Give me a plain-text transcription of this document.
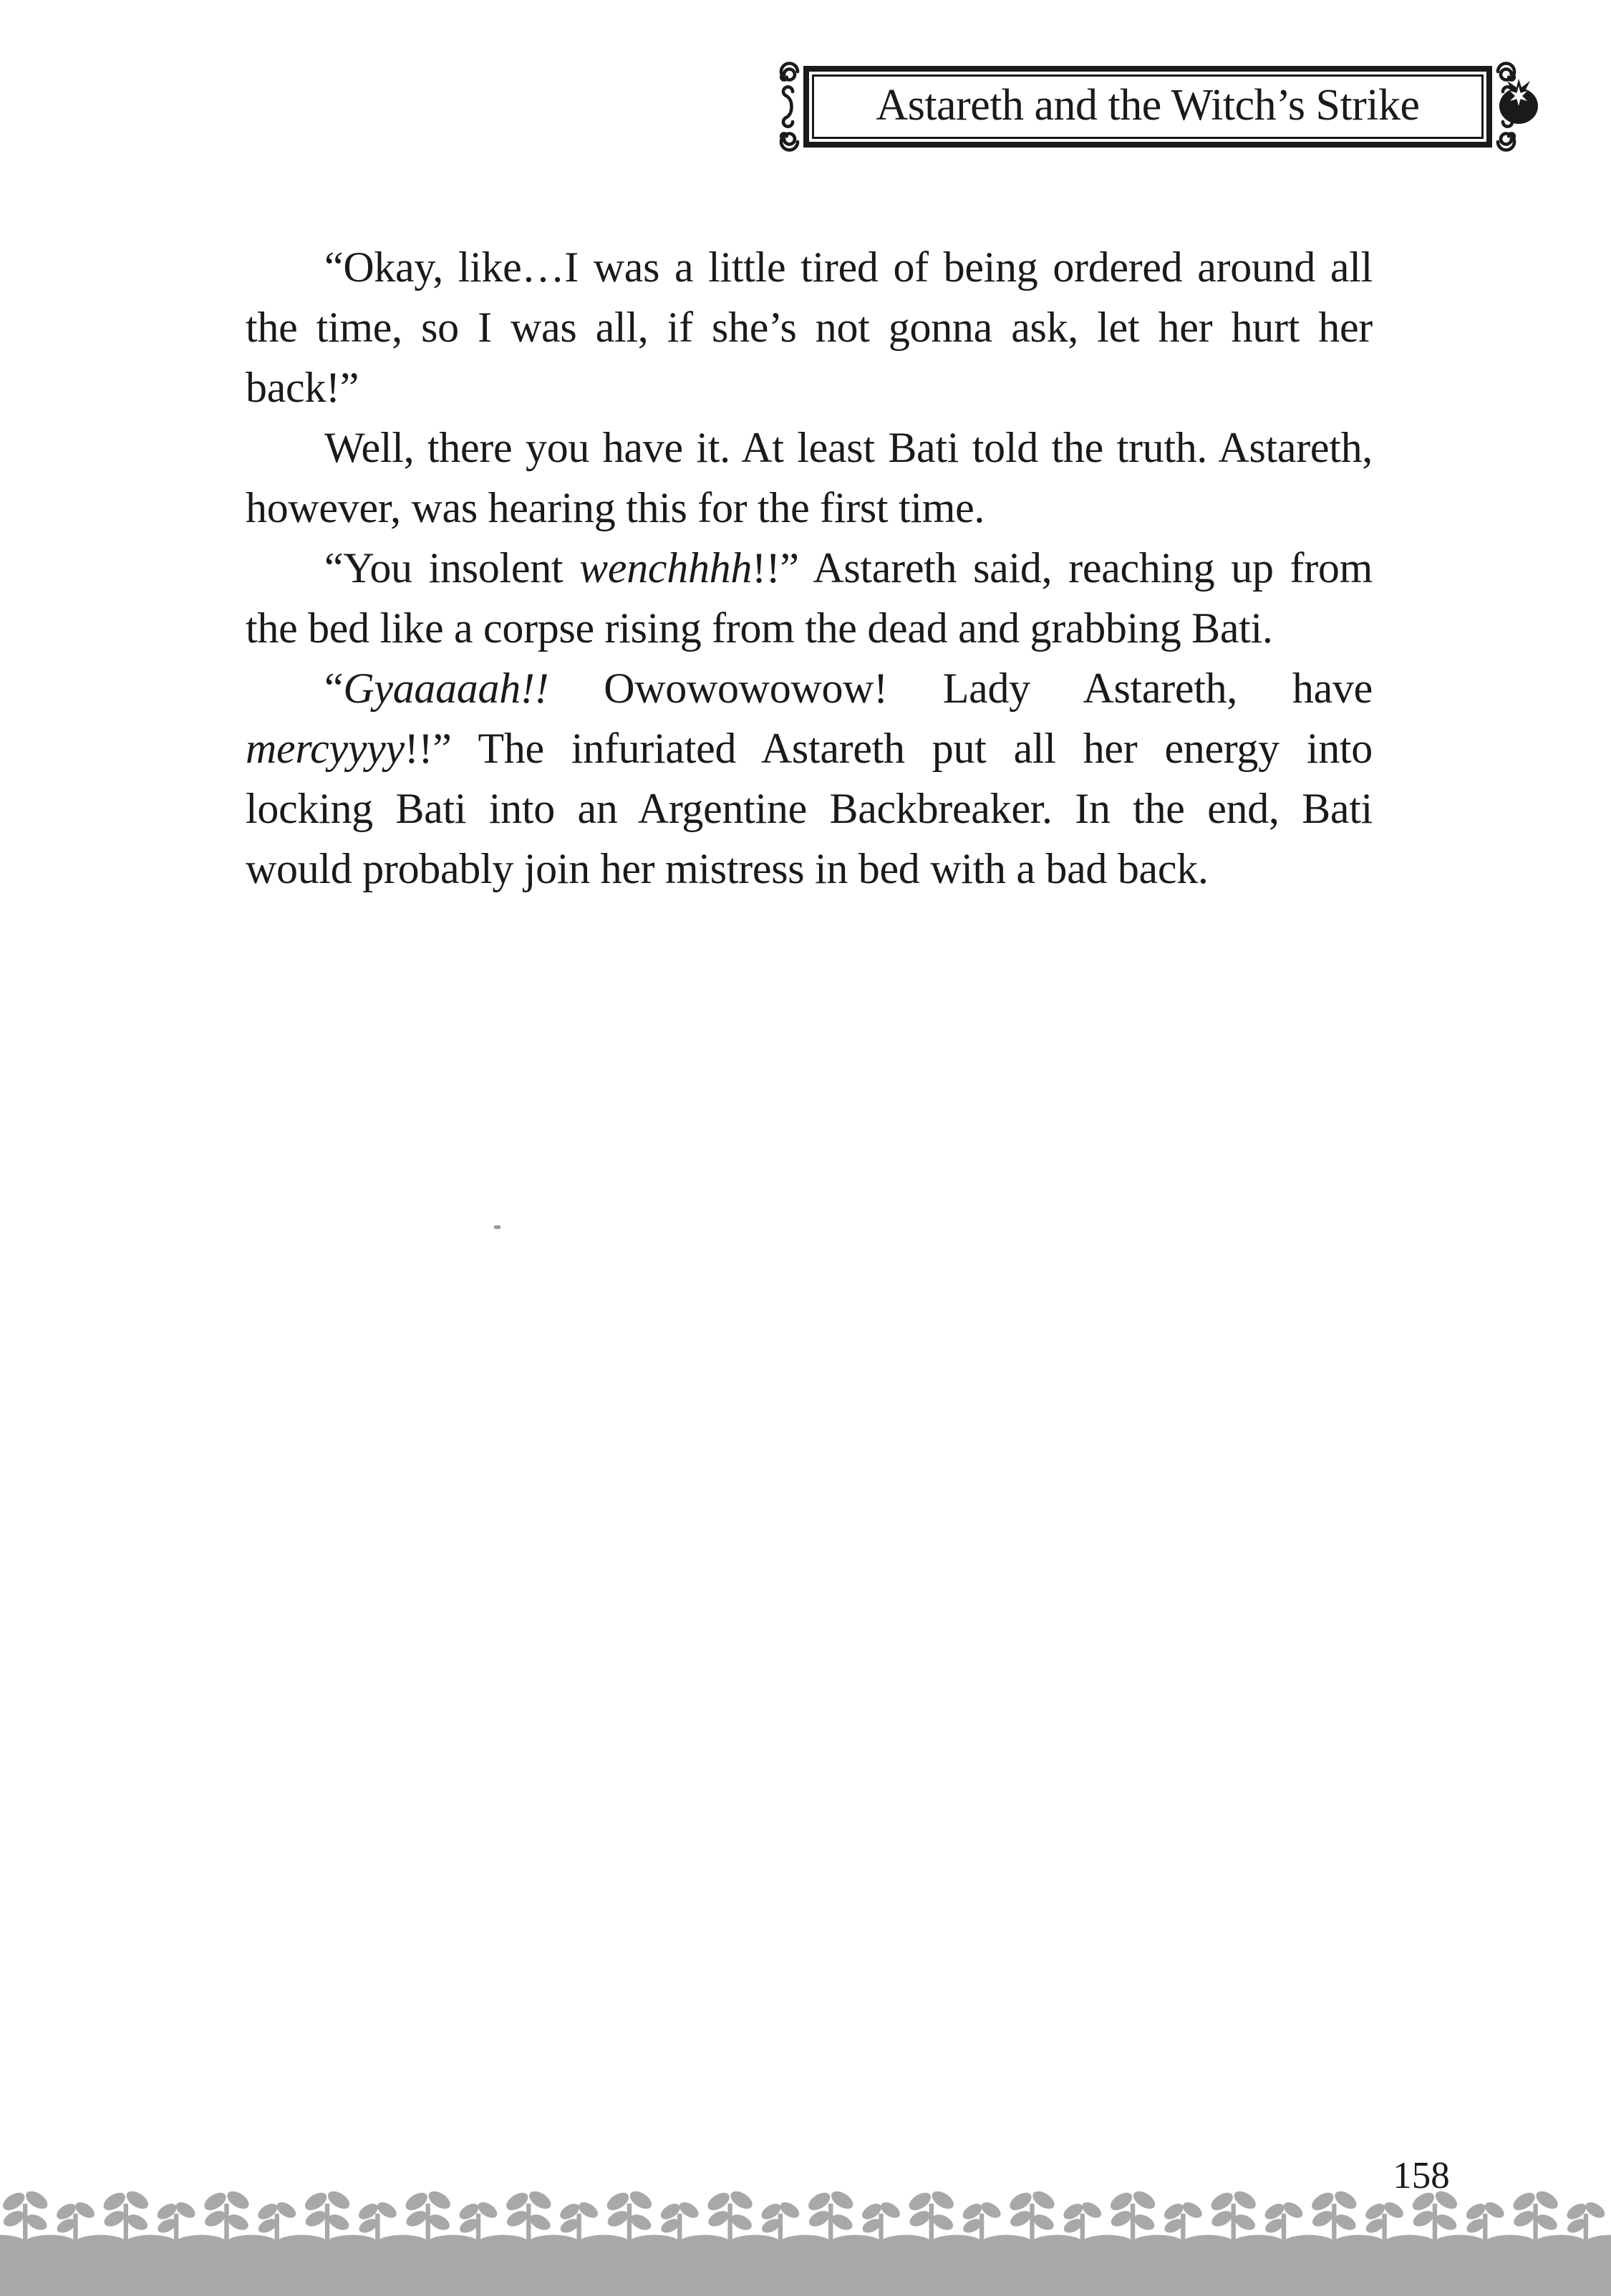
Astareth and the Witch’s Strike

“Okay, like…I was a little tired of being ordered around all the time, so I was all, if she’s not gonna ask, let her hurt her back!”

Well, there you have it. At least Bati told the truth. Astareth, however, was hearing this for the first time.

“You insolent wenchhhh!!” Astareth said, reaching up from the bed like a corpse rising from the dead and grabbing Bati.

“Gyaaaaah!! Owowowowow! Lady Astareth, have mercyyyy!!” The infuriated Astareth put all her energy into locking Bati into an Argentine Backbreaker. In the end, Bati would probably join her mistress in bed with a bad back.

158
